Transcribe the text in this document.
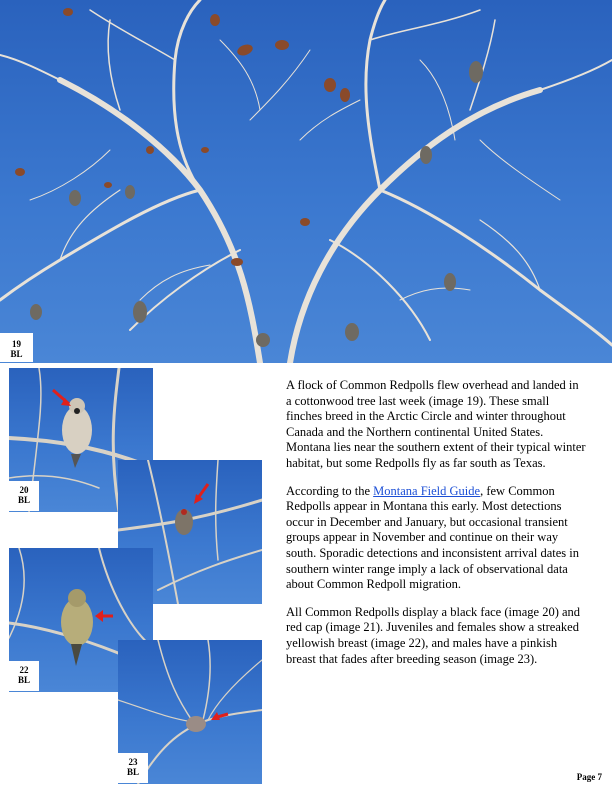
19
BL
20
BL
22
BL
23
BL

A flock of Common Redpolls flew overhead and landed in a cottonwood tree last week (image 19). These small finches breed in the Arctic Circle and winter throughout Canada and the Northern continental United States. Montana lies near the southern extent of their typical winter habitat, but some Redpolls fly as far south as Texas.

According to the Montana Field Guide, few Common Redpolls appear in Montana this early. Most detections occur in December and January, but occasional transient groups appear in November and continue on their way south. Sporadic detections and inconsistent arrival dates in southern winter range imply a lack of observational data about Common Redpoll migration.

All Common Redpolls display a black face (image 20) and red cap (image 21). Juveniles and females show a streaked yellowish breast (image 22), and males have a pinkish breast that fades after breeding season (image 23).

Page 7
